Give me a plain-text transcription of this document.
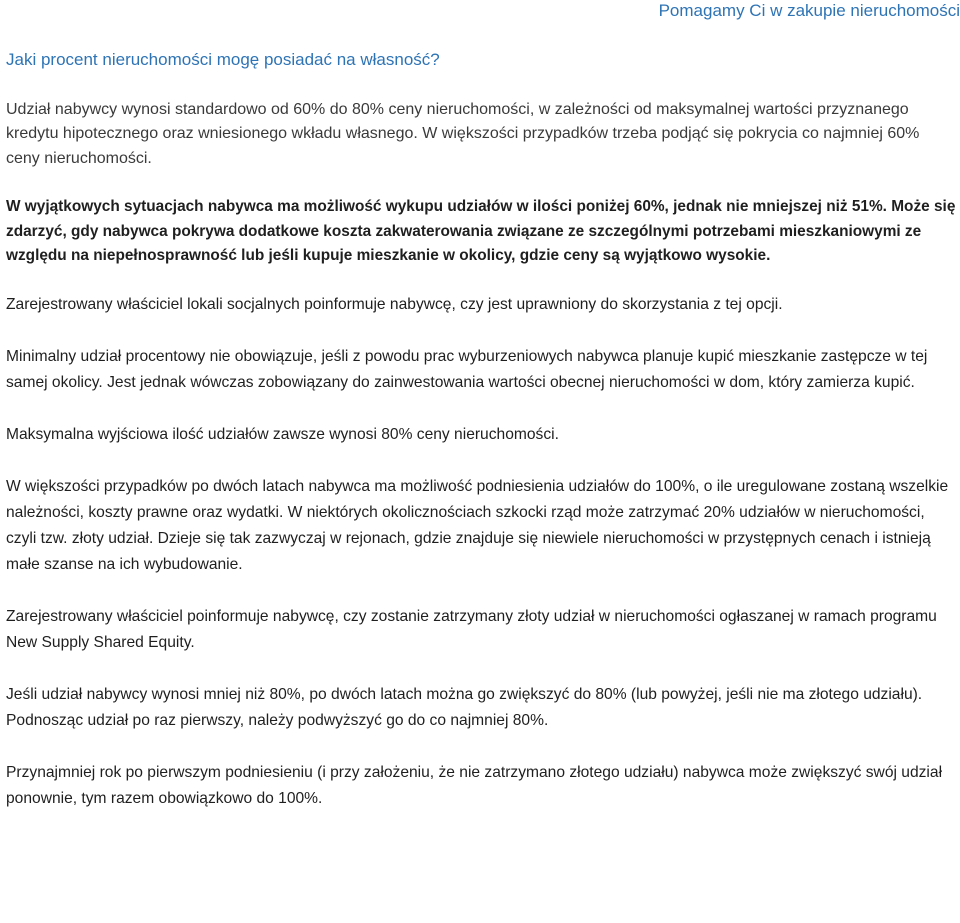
Pomagamy Ci w zakupie nieruchomości

Jaki procent nieruchomości mogę posiadać na własność?

Udział nabywcy wynosi standardowo od 60% do 80% ceny nieruchomości, w zależności od maksymalnej wartości przyznanego kredytu hipotecznego oraz wniesionego wkładu własnego. W większości przypadków trzeba podjąć się pokrycia co najmniej 60% ceny nieruchomości.

W wyjątkowych sytuacjach nabywca ma możliwość wykupu udziałów w ilości poniżej 60%, jednak nie mniejszej niż 51%. Może się zdarzyć, gdy nabywca pokrywa dodatkowe koszta zakwaterowania związane ze szczególnymi potrzebami mieszkaniowymi ze względu na niepełnosprawność lub jeśli kupuje mieszkanie w okolicy, gdzie ceny są wyjątkowo wysokie.

Zarejestrowany właściciel lokali socjalnych poinformuje nabywcę, czy jest uprawniony do skorzystania z tej opcji.

Minimalny udział procentowy nie obowiązuje, jeśli z powodu prac wyburzeniowych nabywca planuje kupić mieszkanie zastępcze w tej samej okolicy. Jest jednak wówczas zobowiązany do zainwestowania wartości obecnej nieruchomości w dom, który zamierza kupić.

Maksymalna wyjściowa ilość udziałów zawsze wynosi 80% ceny nieruchomości.

W większości przypadków po dwóch latach nabywca ma możliwość podniesienia udziałów do 100%, o ile uregulowane zostaną wszelkie należności, koszty prawne oraz wydatki. W niektórych okolicznościach szkocki rząd może zatrzymać 20% udziałów w nieruchomości, czyli tzw. złoty udział. Dzieje się tak zazwyczaj w rejonach, gdzie znajduje się niewiele nieruchomości w przystępnych cenach i istnieją małe szanse na ich wybudowanie.

Zarejestrowany właściciel poinformuje nabywcę, czy zostanie zatrzymany złoty udział w nieruchomości ogłaszanej w ramach programu New Supply Shared Equity.

Jeśli udział nabywcy wynosi mniej niż 80%, po dwóch latach można go zwiększyć do 80% (lub powyżej, jeśli nie ma złotego udziału). Podnosząc udział po raz pierwszy, należy podwyższyć go do co najmniej 80%.

Przynajmniej rok po pierwszym podniesieniu (i przy założeniu, że nie zatrzymano złotego udziału) nabywca może zwiększyć swój udział ponownie, tym razem obowiązkowo do 100%.
